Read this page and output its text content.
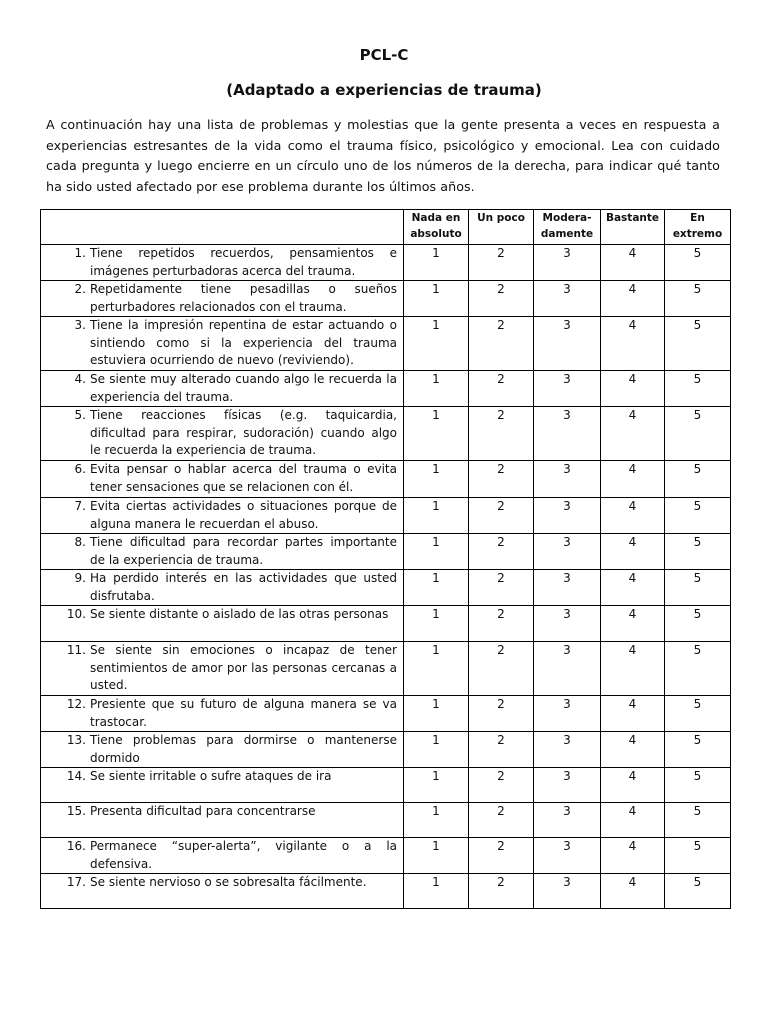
PCL-C
(Adaptado a experiencias de trauma)
A continuación hay una lista de problemas y molestias que la gente presenta a veces en respuesta a experiencias estresantes de la vida como el trauma físico, psicológico y emocional. Lea con cuidado cada pregunta y luego encierre en un círculo uno de los números de la derecha, para indicar qué tanto ha sido usted afectado por ese problema durante los últimos años.
	Nada en absoluto	Un poco	Modera-damente	Bastante	En extremo

1. Tiene repetidos recuerdos, pensamientos e imágenes perturbadoras acerca del trauma.	1	2	3	4	5

2. Repetidamente tiene pesadillas o sueños perturbadores relacionados con el trauma.	1	2	3	4	5

3. Tiene la impresión repentina de estar actuando o sintiendo como si la experiencia del trauma estuviera ocurriendo de nuevo (reviviendo).	1	2	3	4	5

4. Se siente muy alterado cuando algo le recuerda la experiencia del trauma.	1	2	3	4	5

5. Tiene reacciones físicas (e.g. taquicardia, dificultad para respirar, sudoración) cuando algo le recuerda la experiencia de trauma.	1	2	3	4	5

6. Evita pensar o hablar acerca del trauma o evita tener sensaciones que se relacionen con él.	1	2	3	4	5

7. Evita ciertas actividades o situaciones porque de alguna manera le recuerdan el abuso.	1	2	3	4	5

8. Tiene dificultad para recordar partes importante de la experiencia de trauma.	1	2	3	4	5

9. Ha perdido interés en las actividades que usted disfrutaba.	1	2	3	4	5

10. Se siente distante o aislado de las otras personas	1	2	3	4	5

11. Se siente sin emociones o incapaz de tener sentimientos de amor por las personas cercanas a usted.	1	2	3	4	5

12. Presiente que su futuro de alguna manera se va trastocar.	1	2	3	4	5

13. Tiene problemas para dormirse o mantenerse dormido	1	2	3	4	5

14. Se siente irritable o sufre ataques de ira	1	2	3	4	5

15. Presenta dificultad para concentrarse	1	2	3	4	5

16. Permanece “super-alerta”, vigilante o a la defensiva.	1	2	3	4	5

17. Se siente nervioso o se sobresalta fácilmente.	1	2	3	4	5
